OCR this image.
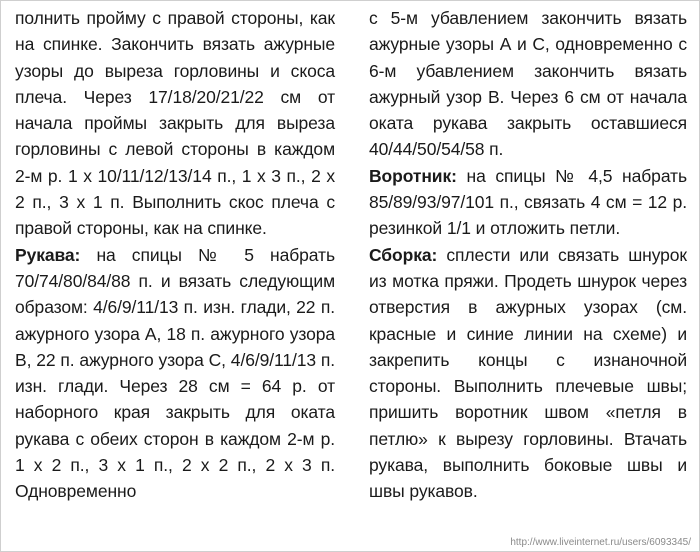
полнить пройму с правой стороны, как на спинке. Закончить вязать ажурные узоры до выреза горловины и скоса плеча. Через 17/18/20/21/22 см от начала проймы закрыть для выреза горловины с левой стороны в каждом 2-м р. 1 х 10/11/12/13/14 п., 1 х 3 п., 2 х 2 п., 3 х 1 п. Выполнить скос плеча с правой стороны, как на спинке.

Рукава: на спицы № 5 набрать 70/74/80/84/88 п. и вязать следующим образом: 4/6/9/11/13 п. изн. глади, 22 п. ажурного узора А, 18 п. ажурного узора В, 22 п. ажурного узора С, 4/6/9/11/13 п. изн. глади. Через 28 см = 64 р. от наборного края закрыть для оката рукава с обеих сторон в каждом 2-м р. 1 х 2 п., 3 х 1 п., 2 х 2 п., 2 х 3 п. Одновременно

с 5-м убавлением закончить вязать ажурные узоры А и С, одновременно с 6-м убавлением закончить вязать ажурный узор В. Через 6 см от начала оката рукава закрыть оставшиеся 40/44/50/54/58 п.

Воротник: на спицы № 4,5 набрать 85/89/93/97/101 п., связать 4 см = 12 р. резинкой 1/1 и отложить петли.

Сборка: сплести или связать шнурок из мотка пряжи. Продеть шнурок через отверстия в ажурных узорах (см. красные и синие линии на схеме) и закрепить концы с изнаночной стороны. Выполнить плечевые швы; пришить воротник швом «петля в петлю» к вырезу горловины. Втачать рукава, выполнить боковые швы и швы рукавов.

http://www.liveinternet.ru/users/6093345/
